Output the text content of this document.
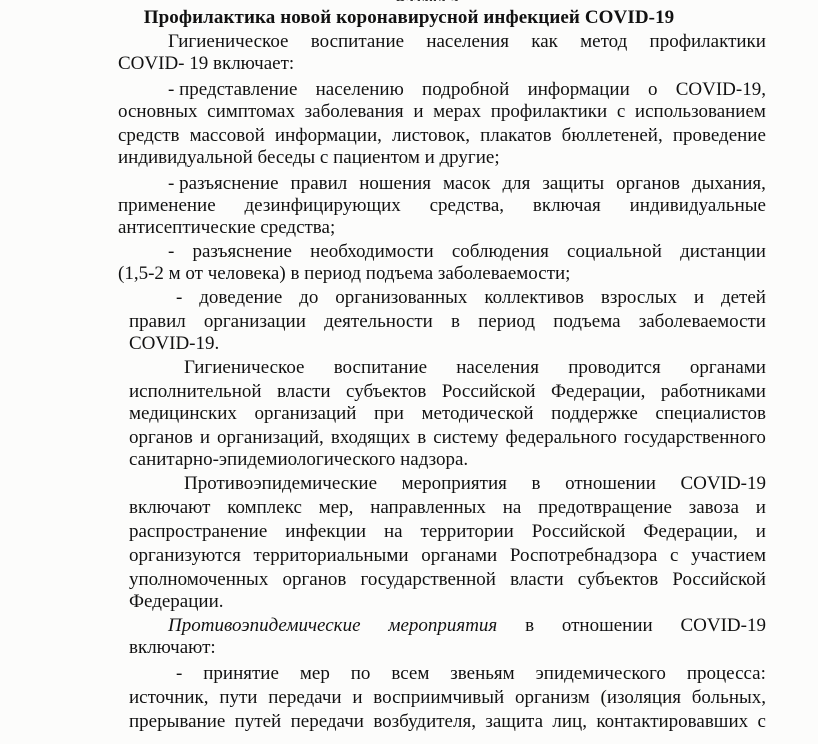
Профилактика новой коронавирусной инфекцией COVID-19
Гигиеническое воспитание населения как метод профилактики
COVID- 19 включает:
- представление населению подробной информации о COVID-19,
основных симптомах заболевания и мерах профилактики с использованием
средств массовой информации, листовок, плакатов бюллетеней, проведение
индивидуальной беседы с пациентом и другие;
- разъяснение правил ношения масок для защиты органов дыхания,
применение дезинфицирующих средства, включая индивидуальные
антисептические средства;
- разъяснение необходимости соблюдения социальной дистанции
(1,5-2 м от человека) в период подъема заболеваемости;
- доведение до организованных коллективов взрослых и детей
правил организации деятельности в период подъема заболеваемости
COVID-19.
Гигиеническое воспитание населения проводится органами
исполнительной власти субъектов Российской Федерации, работниками
медицинских организаций при методической поддержке специалистов
органов и организаций, входящих в систему федерального государственного
санитарно-эпидемиологического надзора.
Противоэпидемические мероприятия в отношении COVID-19
включают комплекс мер, направленных на предотвращение завоза и
распространение инфекции на территории Российской Федерации, и
организуются территориальными органами Роспотребнадзора с участием
уполномоченных органов государственной власти субъектов Российской
Федерации.
Противоэпидемические мероприятия в отношении COVID-19
включают:
- принятие мер по всем звеньям эпидемического процесса:
источник, пути передачи и восприимчивый организм (изоляция больных,
прерывание путей передачи возбудителя, защита лиц, контактировавших с
